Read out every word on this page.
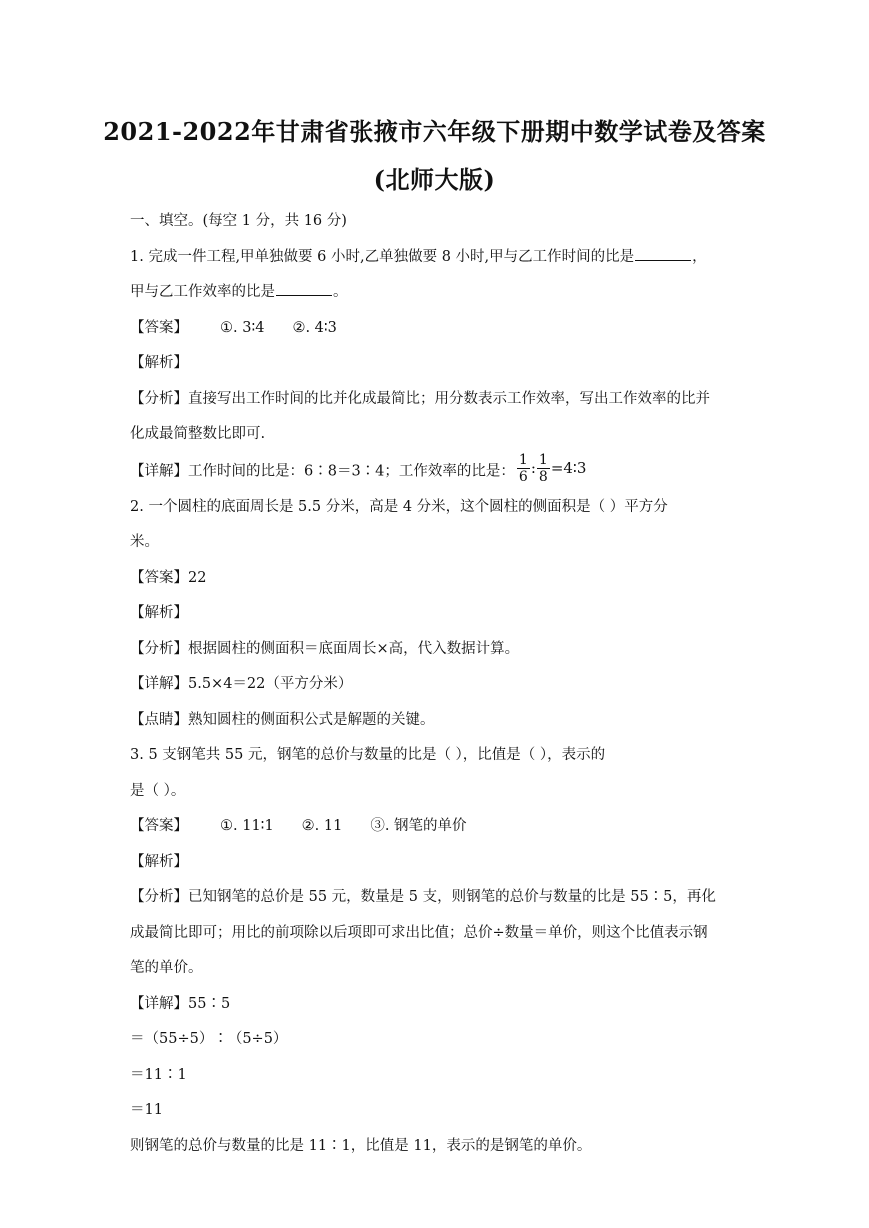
2021-2022年甘肃省张掖市六年级下册期中数学试卷及答案
(北师大版)
一、填空。(每空 1 分，共 16 分)
1. 完成一件工程,甲单独做要 6 小时,乙单独做要 8 小时,甲与乙工作时间的比是	，
甲与乙工作效率的比是	。
【答案】 ①. 3∶4 ②. 4∶3
【解析】
【分析】直接写出工作时间的比并化成最简比；用分数表示工作效率，写出工作效率的比并
化成最简整数比即可.
【详解】工作时间的比是：6∶8＝3∶4；工作效率的比是： $\frac{1}{6}$ : $\frac{1}{8}$ =4∶3
2. 一个圆柱的底面周长是 5.5 分米，高是 4 分米，这个圆柱的侧面积是（ ）平方分
米。
【答案】22
【解析】
【分析】根据圆柱的侧面积＝底面周长×高，代入数据计算。
【详解】5.5×4＝22（平方分米）
【点睛】熟知圆柱的侧面积公式是解题的关键。
3. 5 支钢笔共 55 元，钢笔的总价与数量的比是（ ），比值是（ ），表示的
是（ ）。
【答案】 ①. 11∶1 ②. 11 ③. 钢笔的单价
【解析】
【分析】已知钢笔的总价是 55 元，数量是 5 支，则钢笔的总价与数量的比是 55∶5，再化
成最简比即可；用比的前项除以后项即可求出比值；总价÷数量＝单价，则这个比值表示钢
笔的单价。
【详解】55∶5
＝（55÷5）∶（5÷5）
＝11∶1
＝11
则钢笔的总价与数量的比是 11∶1，比值是 11，表示的是钢笔的单价。
